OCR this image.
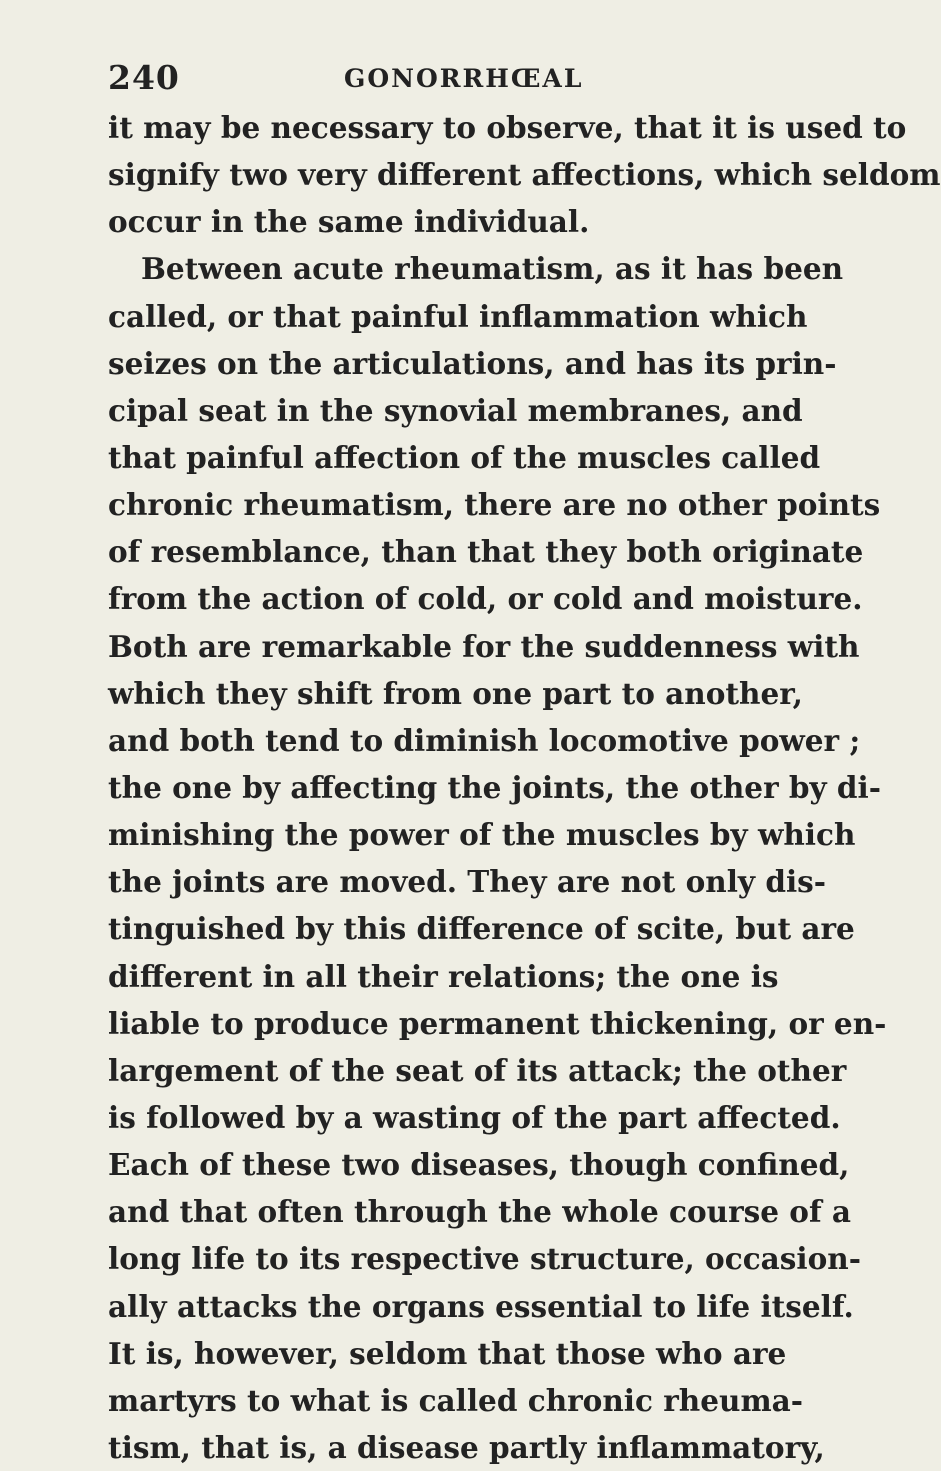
240	GONORRHŒAL
it may be necessary to observe, that it is used to
signify two very different affections, which seldom
occur in the same individual.
Between acute rheumatism, as it has been
called, or that painful inflammation which
seizes on the articulations, and has its prin-
cipal seat in the synovial membranes, and
that painful affection of the muscles called
chronic rheumatism, there are no other points
of resemblance, than that they both originate
from the action of cold, or cold and moisture.
Both are remarkable for the suddenness with
which they shift from one part to another,
and both tend to diminish locomotive power ;
the one by affecting the joints, the other by di-
minishing the power of the muscles by which
the joints are moved. They are not only dis-
tinguished by this difference of scite, but are
different in all their relations; the one is
liable to produce permanent thickening, or en-
largement of the seat of its attack; the other
is followed by a wasting of the part affected.
Each of these two diseases, though confined,
and that often through the whole course of a
long life to its respective structure, occasion-
ally attacks the organs essential to life itself.
It is, however, seldom that those who are
martyrs to what is called chronic rheuma-
tism, that is, a disease partly inflammatory,
